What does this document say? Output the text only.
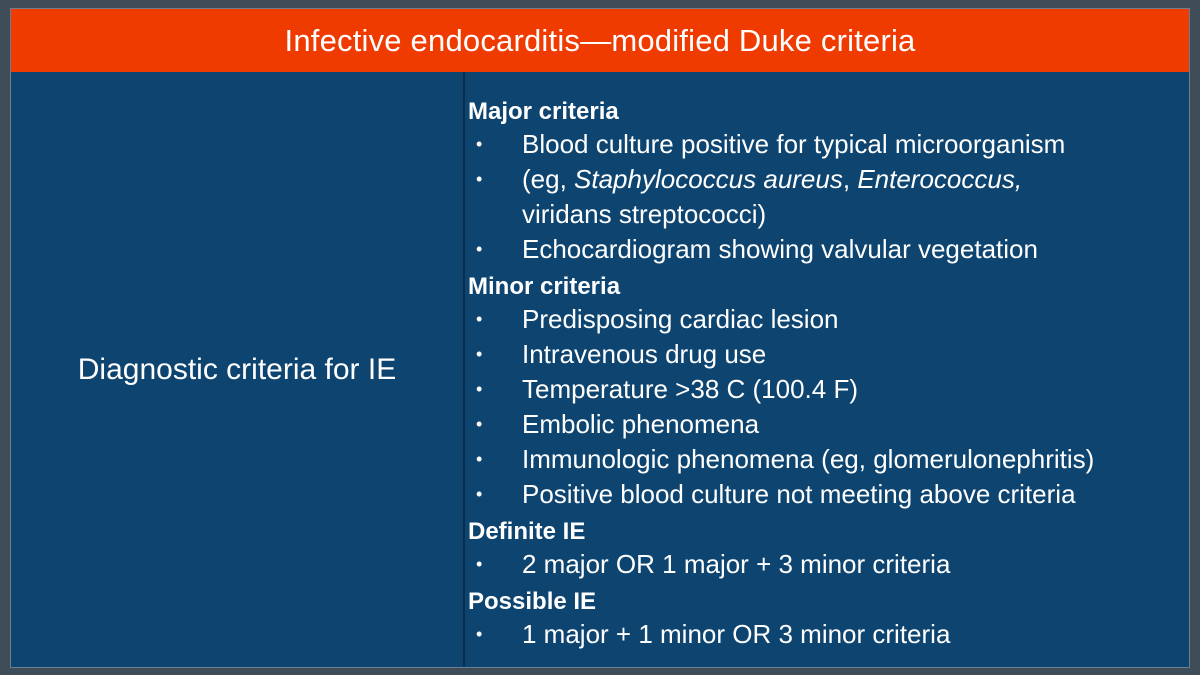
Infective endocarditis—modified Duke criteria
Diagnostic criteria for IE
Major criteria
• Blood culture positive for typical microorganism
• (eg, Staphylococcus aureus, Enterococcus,
viridans streptococci)
• Echocardiogram showing valvular vegetation
Minor criteria
• Predisposing cardiac lesion
• Intravenous drug use
• Temperature >38 C (100.4 F)
• Embolic phenomena
• Immunologic phenomena (eg, glomerulonephritis)
• Positive blood culture not meeting above criteria
Definite IE
• 2 major OR 1 major + 3 minor criteria
Possible IE
• 1 major + 1 minor OR 3 minor criteria
